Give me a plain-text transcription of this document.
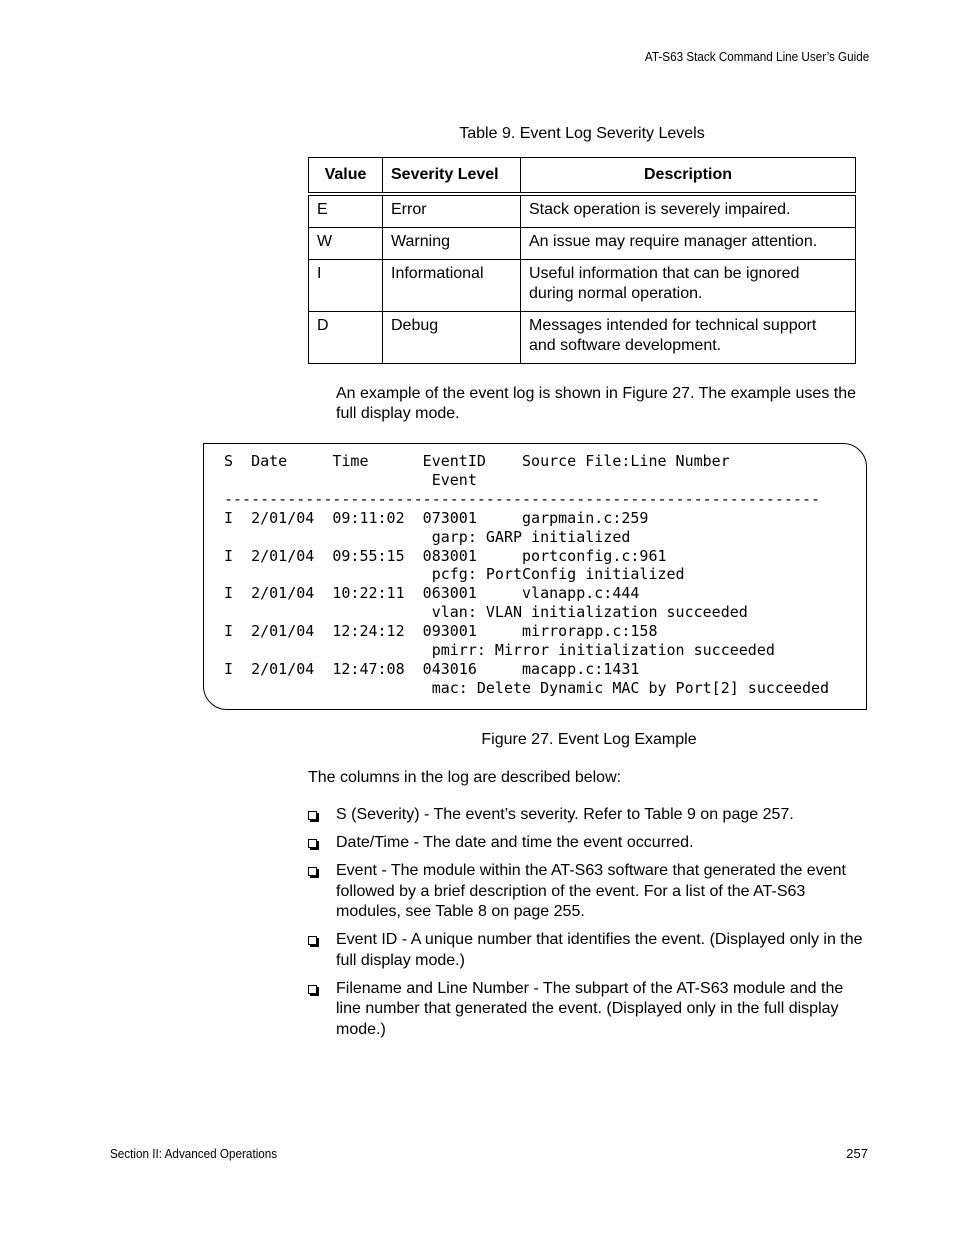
AT-S63 Stack Command Line User’s Guide
Table 9. Event Log Severity Levels
Value	Severity Level	Description
E	Error	Stack operation is severely impaired.
W	Warning	An issue may require manager attention.
I	Informational	Useful information that can be ignored during normal operation.
D	Debug	Messages intended for technical support and software development.
An example of the event log is shown in Figure 27. The example uses the full display mode.
S  Date     Time      EventID    Source File:Line Number
Event
------------------------------------------------------------------
I  2/01/04  09:11:02  073001     garpmain.c:259
garp: GARP initialized
I  2/01/04  09:55:15  083001     portconfig.c:961
pcfg: PortConfig initialized
I  2/01/04  10:22:11  063001     vlanapp.c:444
vlan: VLAN initialization succeeded
I  2/01/04  12:24:12  093001     mirrorapp.c:158
pmirr: Mirror initialization succeeded
I  2/01/04  12:47:08  043016     macapp.c:1431
mac: Delete Dynamic MAC by Port[2] succeeded
Figure 27. Event Log Example
The columns in the log are described below:
S (Severity) - The event’s severity. Refer to Table 9 on page 257.
Date/Time - The date and time the event occurred.
Event - The module within the AT-S63 software that generated the event followed by a brief description of the event. For a list of the AT-S63 modules, see Table 8 on page 255.
Event ID - A unique number that identifies the event. (Displayed only in the full display mode.)
Filename and Line Number - The subpart of the AT-S63 module and the line number that generated the event. (Displayed only in the full display mode.)
Section II: Advanced Operations	257
